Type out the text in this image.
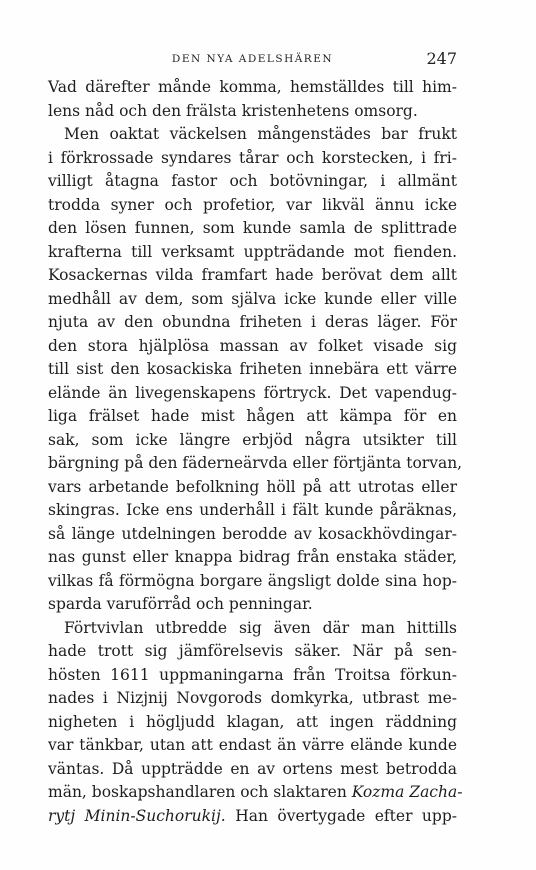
DEN NYA ADELSHÄREN	247
Vad därefter månde komma, hemställdes till him-
lens nåd och den frälsta kristenhetens omsorg.
Men oaktat väckelsen mångenstädes bar frukt
i förkrossade syndares tårar och korstecken, i fri-
villigt åtagna fastor och botövningar, i allmänt
trodda syner och profetior, var likväl ännu icke
den lösen funnen, som kunde samla de splittrade
krafterna till verksamt uppträdande mot fienden.
Kosackernas vilda framfart hade berövat dem allt
medhåll av dem, som själva icke kunde eller ville
njuta av den obundna friheten i deras läger. För
den stora hjälplösa massan av folket visade sig
till sist den kosackiska friheten innebära ett värre
elände än livegenskapens förtryck. Det vapendug-
liga frälset hade mist hågen att kämpa för en
sak, som icke längre erbjöd några utsikter till
bärgning på den fäderneärvda eller förtjänta torvan,
vars arbetande befolkning höll på att utrotas eller
skingras. Icke ens underhåll i fält kunde påräknas,
så länge utdelningen berodde av kosackhövdingar-
nas gunst eller knappa bidrag från enstaka städer,
vilkas få förmögna borgare ängsligt dolde sina hop-
sparda varuförråd och penningar.
Förtvivlan utbredde sig även där man hittills
hade trott sig jämförelsevis säker. När på sen-
hösten 1611 uppmaningarna från Troitsa förkun-
nades i Nizjnij Novgorods domkyrka, utbrast me-
nigheten i högljudd klagan, att ingen räddning
var tänkbar, utan att endast än värre elände kunde
väntas. Då uppträdde en av ortens mest betrodda
män, boskapshandlaren och slaktaren Kozma Zacha-
rytj Minin-Suchorukij. Han övertygade efter upp-
